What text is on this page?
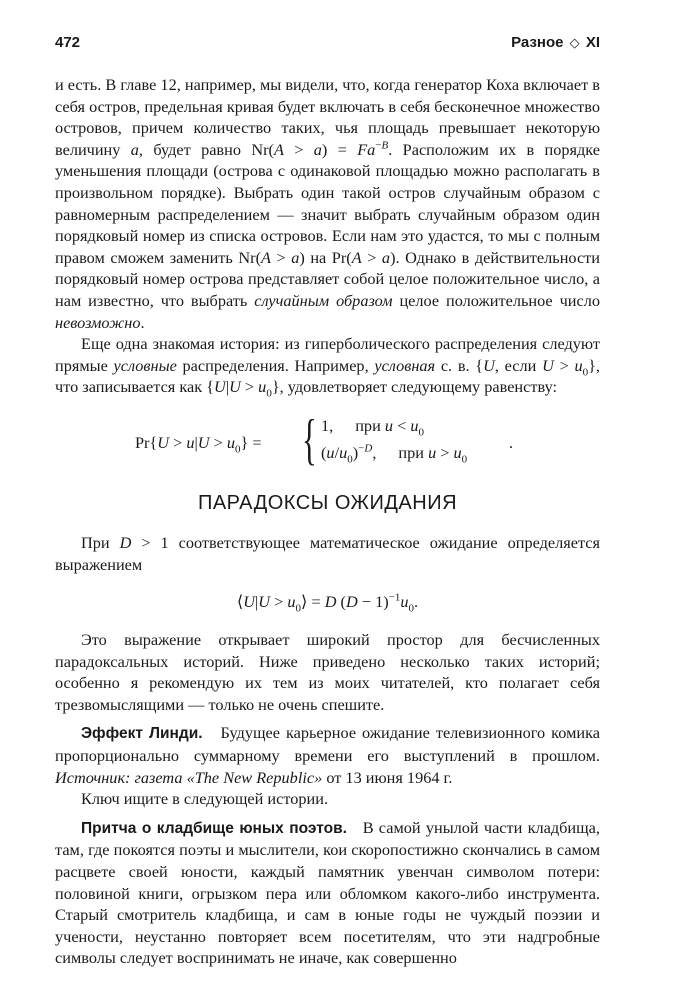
472	Разное ◇ XI

и есть. В главе 12, например, мы видели, что, когда генератор Коха включает в себя остров, предельная кривая будет включать в себя бесконечное множество островов, причем количество таких, чья площадь превышает некоторую величину a, будет равно $Nr(A > a) = Fa^{-B}$. Расположим их в порядке уменьшения площади (острова с одинаковой площадью можно располагать в произвольном порядке). Выбрать один такой остров случайным образом с равномерным распределением — значит выбрать случайным образом один порядковый номер из списка островов. Если нам это удастся, то мы с полным правом сможем заменить Nr(A > a) на Pr(A > a). Однако в действительности порядковый номер острова представляет собой целое положительное число, а нам известно, что выбрать случайным образом целое положительное число невозможно.

Еще одна знакомая история: из гиперболического распределения следуют прямые условные распределения. Например, условная с. в. {U, если $U > u_0$}, что записывается как $\{U|U > u_0\}$, удовлетворяет следующему равенству:

$Pr\{U > u|U > u_0\}$ = { 1, при $u < u_0$
$(u/u_0)^{-D}$, при $u > u_0$
.
ПАРАДОКСЫ ОЖИДАНИЯ

При D > 1 соответствующее математическое ожидание определяется выражением

⟨U|U > $u_0⟩ = D$ $(D - 1)^{-1}u_0$.

Это выражение открывает широкий простор для бесчисленных парадоксальных историй. Ниже приведено несколько таких историй; особенно я рекомендую их тем из моих читателей, кто полагает себя трезвомыслящими — только не очень спешите.

Эффект Линди. Будущее карьерное ожидание телевизионного комика пропорционально суммарному времени его выступлений в прошлом. Источник: газета «The New Republic» от 13 июня 1964 г.

Ключ ищите в следующей истории.

Притча о кладбище юных поэтов. В самой унылой части кладбища, там, где покоятся поэты и мыслители, кои скоропостижно скончались в самом расцвете своей юности, каждый памятник увенчан символом потери: половиной книги, огрызком пера или обломком какого-либо инструмента. Старый смотритель кладбища, и сам в юные годы не чуждый поэзии и учености, неустанно повторяет всем посетителям, что эти надгробные символы следует воспринимать не иначе, как совершенно
